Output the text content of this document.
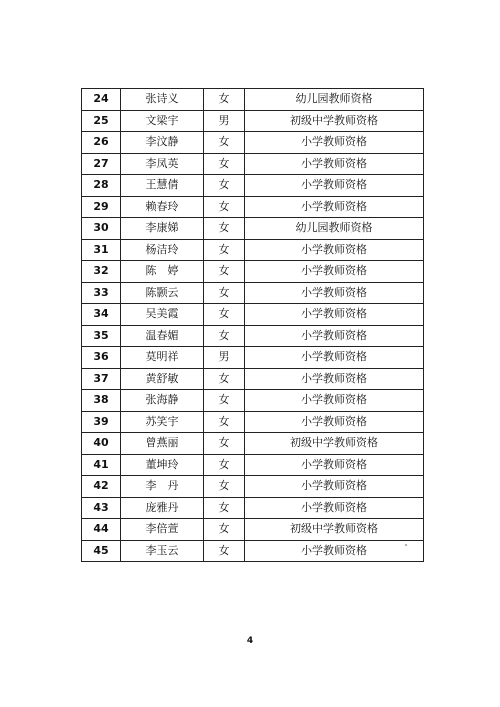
24	张诗义	女	幼儿园教师资格
25	文梁宇	男	初级中学教师资格
26	李汶静	女	小学教师资格
27	李凤英	女	小学教师资格
28	王慧倩	女	小学教师资格
29	赖春玲	女	小学教师资格
30	李康娣	女	幼儿园教师资格
31	杨洁玲	女	小学教师资格
32	陈　婷	女	小学教师资格
33	陈颢云	女	小学教师资格
34	吴美霞	女	小学教师资格
35	温春媚	女	小学教师资格
36	莫明祥	男	小学教师资格
37	黄舒敏	女	小学教师资格
38	张海静	女	小学教师资格
39	苏笑宇	女	小学教师资格
40	曾燕丽	女	初级中学教师资格
41	董坤玲	女	小学教师资格
42	李　丹	女	小学教师资格
43	庞雅丹	女	小学教师资格
44	李倍萱	女	初级中学教师资格
45	李玉云	女	小学教师资格
4
